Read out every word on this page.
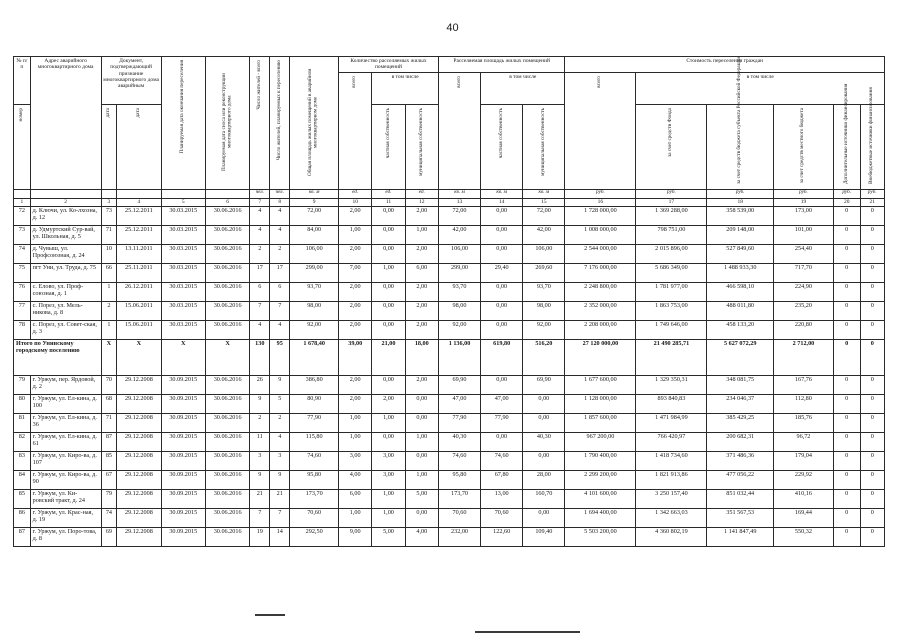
40
№ п/п	Адрес аварийного многоквартирного дома	Документ, подтверждающий признание многоквартирного дома аварийным		Планируемая дата окончания переселения	Планируемая дата сноса или реконструкции многоквартирного дома	Число жителей - всего	Число жителей, планируемых к переселению	Общая площадь жилых помещений в аварийном многоквартирном доме	Количество расселяемых жилых помещений			Расселяемая площадь жилых помещений			Стоимость переселения граждан					
									всего	в том числе		всего	в том числе		всего	в том числе				
номер		дата	дата							частная собственность	муниципальная собственность		частная собственность	муниципальная собственность		за счет средств Фонда	за счет средств бюджета субъекта Российской Федерации	за счет средств местного бюджета	Дополнительные источники финансирования	Внебюджетные источники финансирования
						чел.	чел.	кв. м	ед.	ед.	ед.	кв. м	кв. м	кв. м	руб.	руб.	руб.	руб.	руб.	руб.
1	2	3	4	5	6	7	8	9	10	11	12	13	14	15	16	17	18	19	20	21
72	д. Ключи, ул. Ко-лхозна, д. 12	73	25.12.2011	30.03.2015	30.06.2016	4	4	72,00	2,00	0,00	2,00	72,00	0,00	72,00	1 728 000,00	1 369 288,00	358 539,00	173,00	0	0
73	д. Удмуртский Сур-вай, ул. Школьная, д. 5	71	25.12.2011	30.03.2015	30.06.2016	4	4	84,00	1,00	0,00	1,00	42,00	0,00	42,00	1 008 000,00	798 751,00	209 148,00	101,00	0	0
74	д. Чувыш, ул. Профсоюзная, д. 24	10	13.11.2011	30.03.2015	30.06.2016	2	2	106,00	2,00	0,00	2,00	106,00	0,00	106,00	2 544 000,00	2 015 896,00	527 849,60	254,40	0	0
75	пгт Уни, ул. Труда, д. 75	66	25.11.2011	30.03.2015	30.06.2016	17	17	299,00	7,00	1,00	6,00	299,00	29,40	269,60	7 176 000,00	5 686 349,00	1 488 933,30	717,70	0	0
76	с. Елово, ул. Проф-союзная, д. 1	1	26.12.2011	30.03.2015	30.06.2016	6	6	93,70	2,00	0,00	2,00	93,70	0,00	93,70	2 248 800,00	1 781 977,00	466 598,10	224,90	0	0
77	с. Порез, ул. Мель-никова, д. 8	2	15.06.2011	30.03.2015	30.06.2016	7	7	98,00	2,00	0,00	2,00	98,00	0,00	98,00	2 352 000,00	1 863 753,00	488 011,80	235,20	0	0
78	с. Порез, ул. Совет-ская, д. 3	1	15.06.2011	30.03.2015	30.06.2016	4	4	92,00	2,00	0,00	2,00	92,00	0,00	92,00	2 208 000,00	1 749 646,00	458 133,20	220,80	0	0
Итого по Унинскому городскому поселению		X	X	X	X	130	95	1 678,40	39,00	21,00	18,00	1 136,00	619,80	516,20	27 120 000,00	21 490 285,71	5 627 072,29	2 712,00	0	0
79	г. Уржум, пер. Ярдовой, д. 2	70	29.12.2008	30.09.2015	30.06.2016	26	9	386,80	2,00	0,00	2,00	69,90	0,00	69,90	1 677 600,00	1 329 350,31	348 081,75	167,76	0	0
80	г. Уржум, ул. Ел-кина, д. 100	68	29.12.2008	30.09.2015	30.06.2016	9	5	80,90	2,00	2,00	0,00	47,00	47,00	0,00	1 128 000,00	893 840,83	234 046,37	112,80	0	0
81	г. Уржум, ул. Ел-кина, д. 36	71	29.12.2008	30.09.2015	30.06.2016	2	2	77,90	1,00	1,00	0,00	77,90	77,90	0,00	1 857 600,00	1 471 984,99	385 429,25	185,76	0	0
82	г. Уржум, ул. Ел-кина, д. 61	87	29.12.2008	30.09.2015	30.06.2016	11	4	115,80	1,00	0,00	1,00	40,30	0,00	40,30	967 200,00	766 420,97	200 682,31	96,72	0	0
83	г. Уржум, ул. Киро-ва, д. 107	85	29.12.2008	30.09.2015	30.06.2016	3	3	74,60	3,00	3,00	0,00	74,60	74,60	0,00	1 790 400,00	1 418 734,60	371 486,36	179,04	0	0
84	г. Уржум, ул. Киро-ва, д. 90	67	29.12.2008	30.09.2015	30.06.2016	9	9	95,80	4,00	3,00	1,00	95,80	67,80	28,00	2 299 200,00	1 821 913,86	477 056,22	229,92	0	0
85	г. Уржум, ул. Ки-ровский тракт, д. 24	79	29.12.2008	30.09.2015	30.06.2016	21	21	173,70	6,00	1,00	5,00	173,70	13,00	160,70	4 101 600,00	3 250 157,40	851 032,44	410,16	0	0
86	г. Уржум, ул. Крас-ная, д. 19	74	29.12.2008	30.09.2015	30.06.2016	7	7	70,60	1,00	1,00	0,00	70,60	70,60	0,00	1 694 400,00	1 342 663,03	351 567,53	169,44	0	0
87	г. Уржум, ул. Поро-това, д. 8	69	29.12.2008	30.09.2015	30.06.2016	19	14	292,50	9,00	5,00	4,00	232,00	122,60	109,40	5 503 200,00	4 360 802,19	1 141 847,49	550,32	0	0
